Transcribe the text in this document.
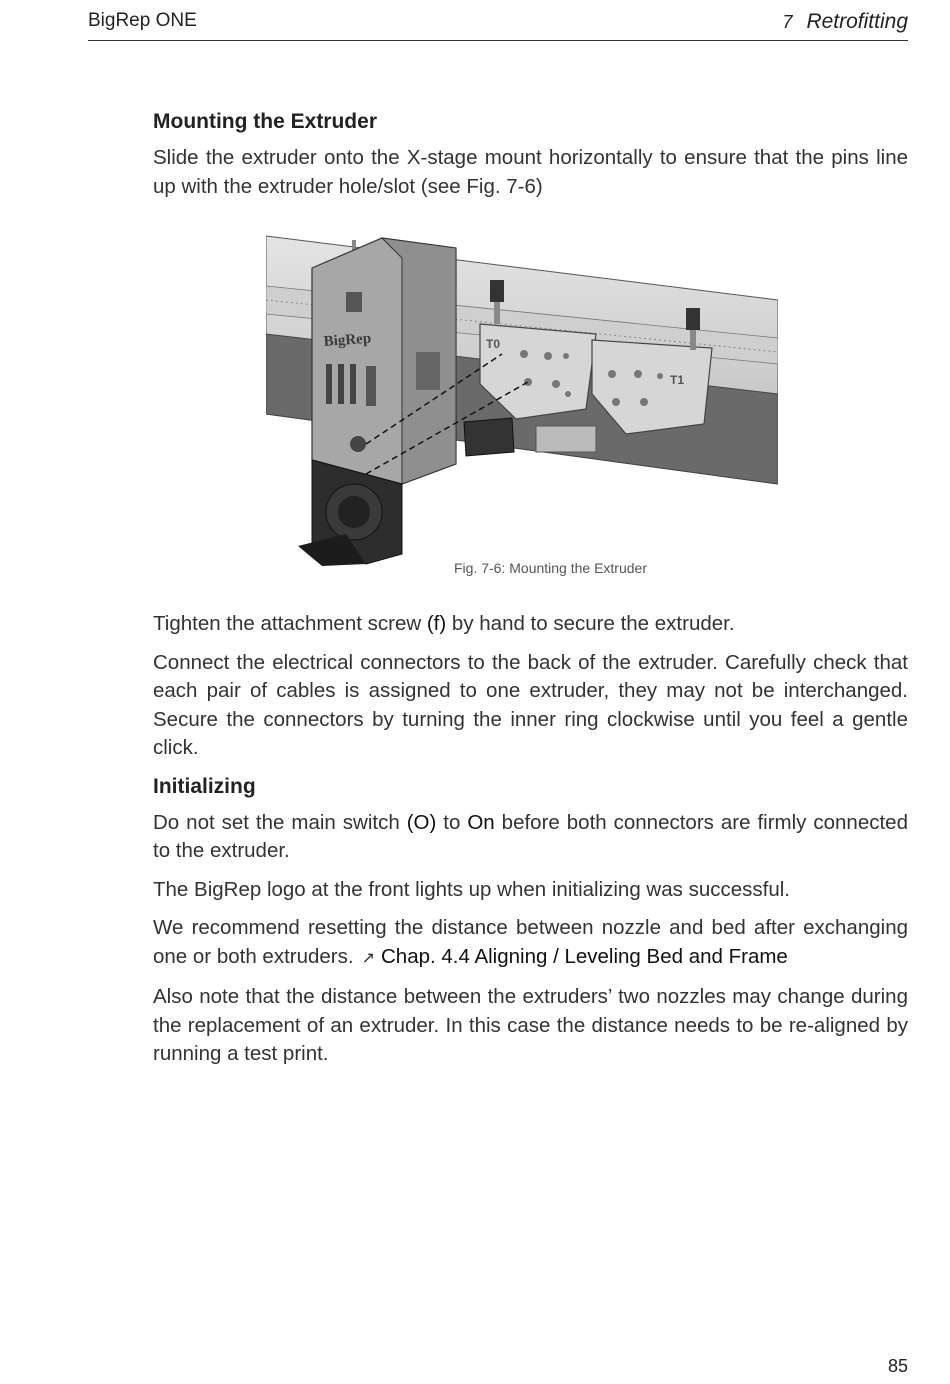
BigRep ONE	7 Retrofitting
Mounting the Extruder
Slide the extruder onto the X-stage mount horizontally to ensure that the pins line up with the extruder hole/slot (see Fig. 7-6)
T0
T1
BigRep
Fig. 7-6: Mounting the Extruder
Tighten the attachment screw (f) by hand to secure the extruder.
Connect the electrical connectors to the back of the extruder. Carefully check that each pair of cables is assigned to one extruder, they may not be interchanged. Secure the connectors by turning the inner ring clockwise until you feel a gentle click.
Initializing
Do not set the main switch (O) to On before both connectors are firmly connected to the extruder.
The BigRep logo at the front lights up when initializing was successful.
We recommend resetting the distance between nozzle and bed after exchanging one or both extruders. ↗ Chap. 4.4 Aligning / Leveling Bed and Frame
Also note that the distance between the extruders’ two nozzles may change during the replacement of an extruder. In this case the distance needs to be re-aligned by running a test print.
85
